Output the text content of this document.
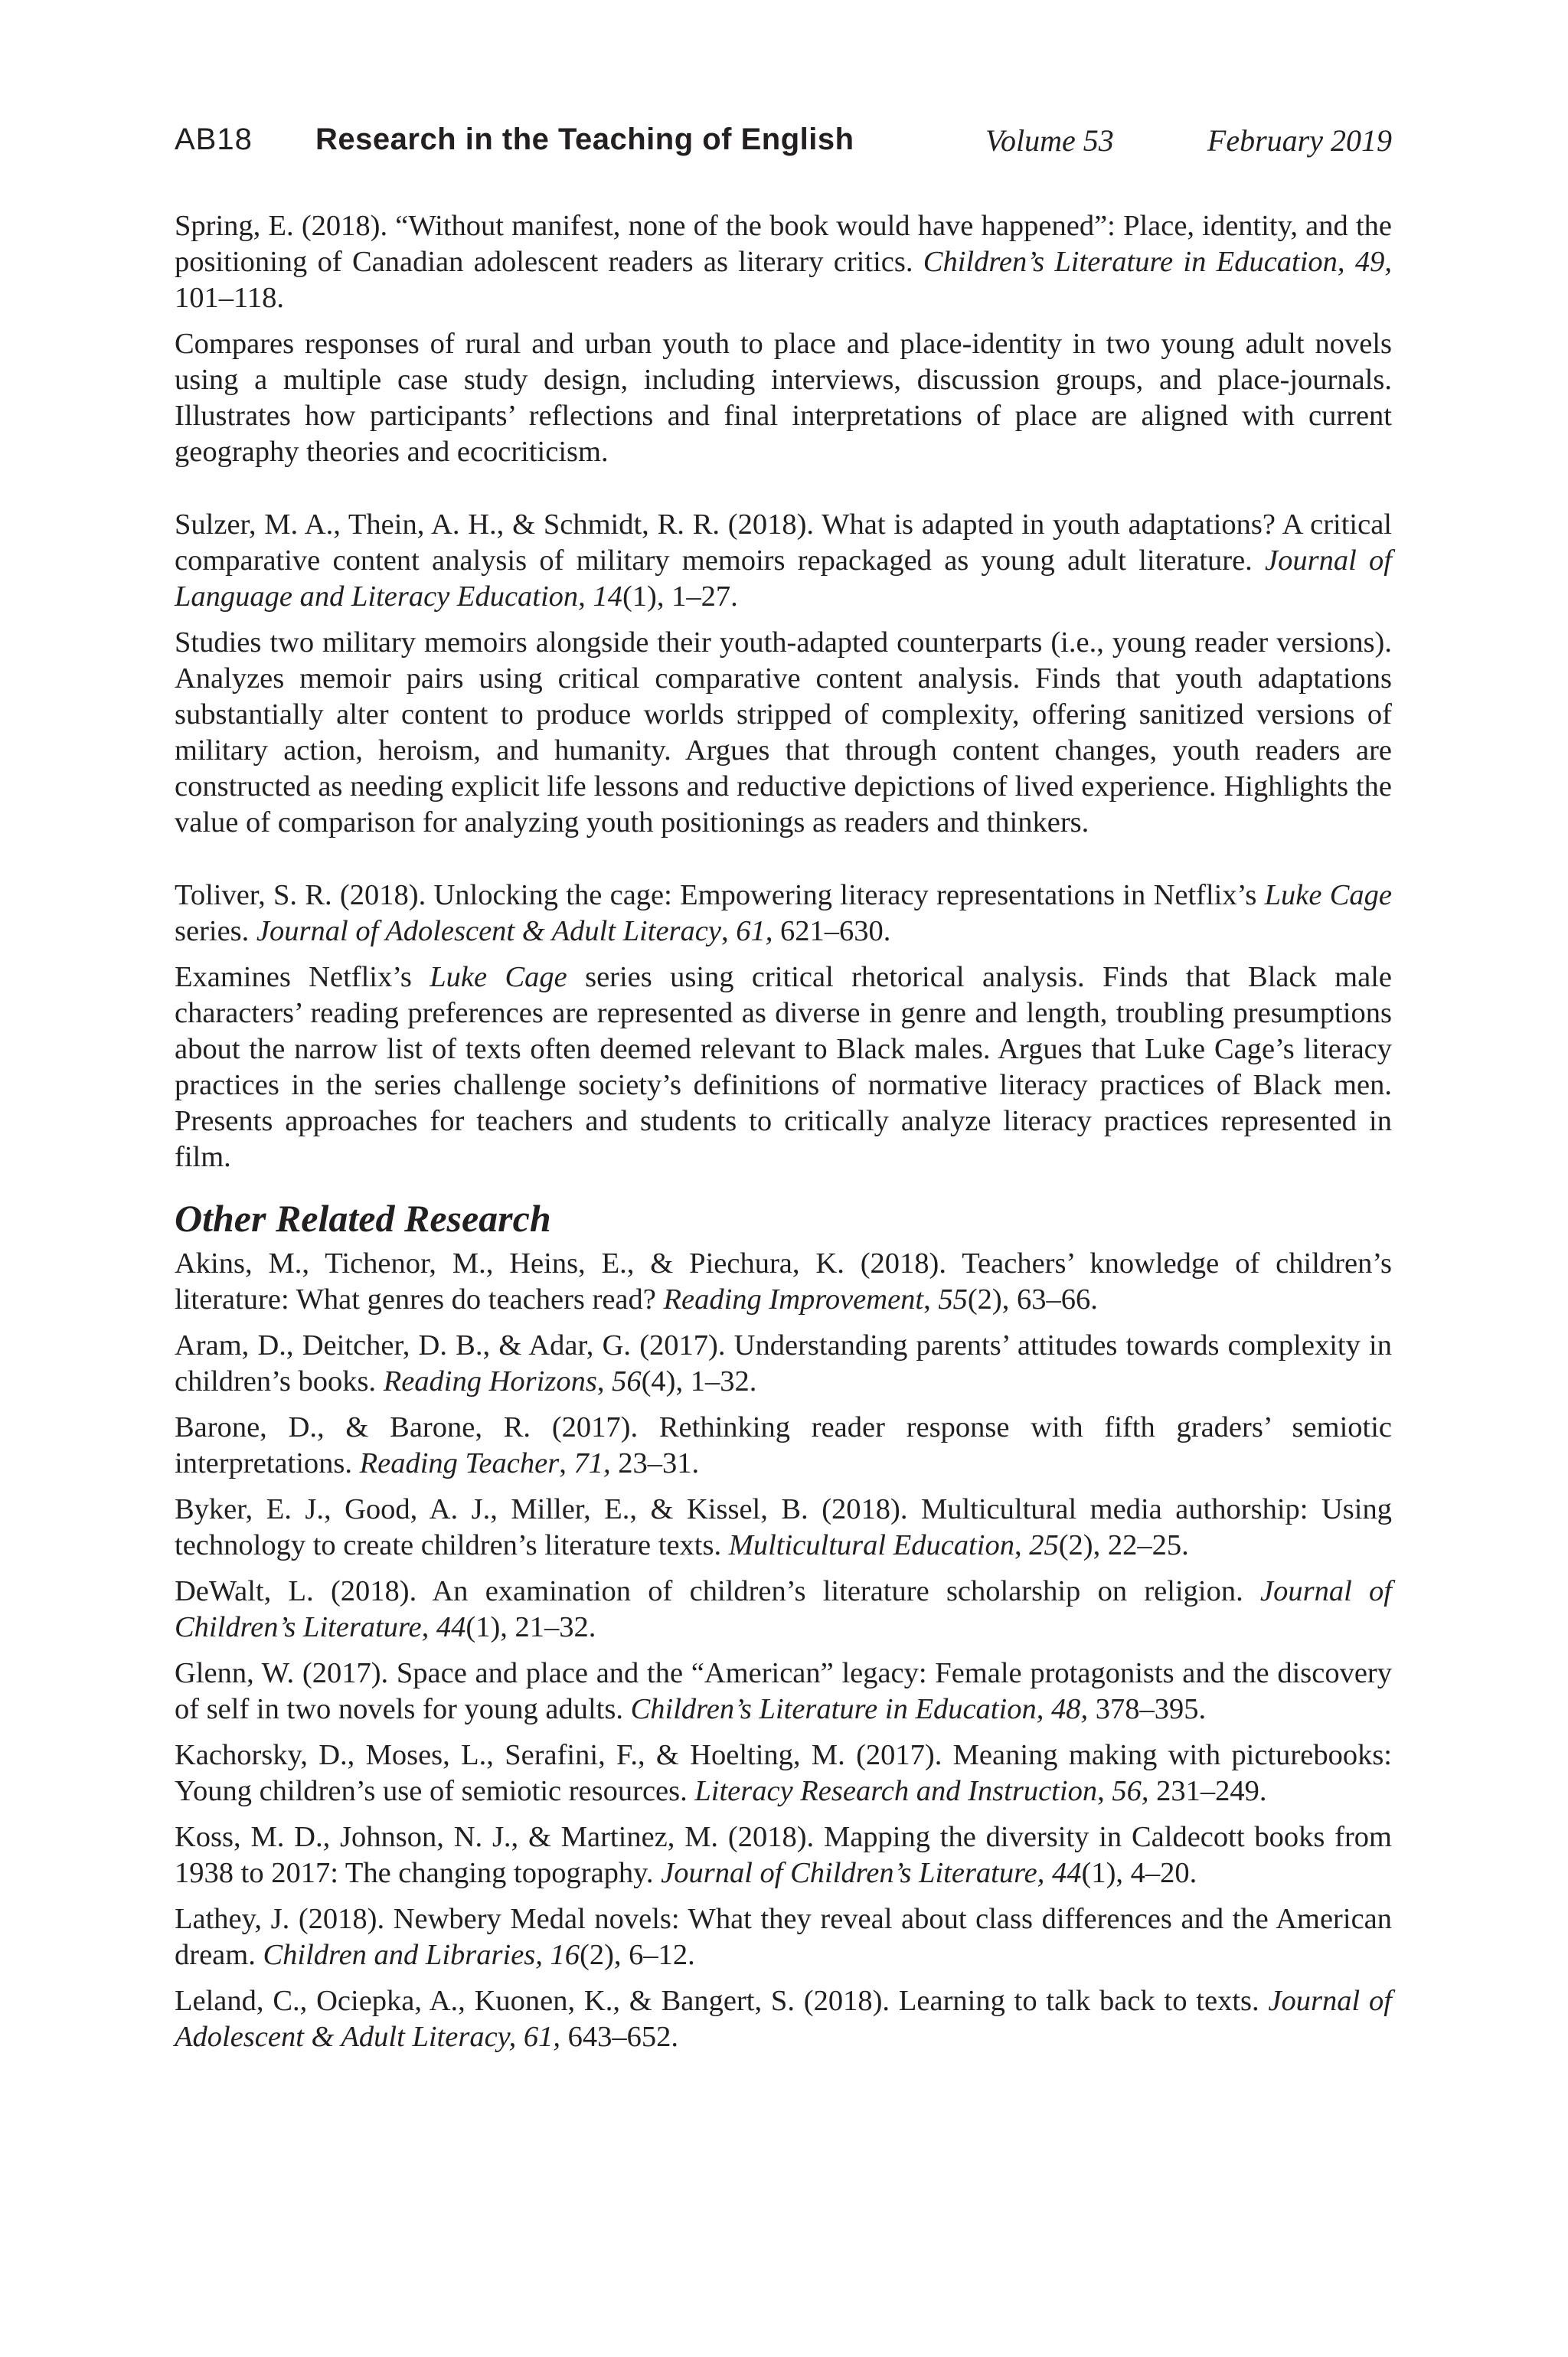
AB18 Research in the Teaching of English	Volume 53	February 2019

Spring, E. (2018). “Without manifest, none of the book would have happened”: Place, identity, and the positioning of Canadian adolescent readers as literary critics. Children’s Literature in Education, 49, 101–118.

Compares responses of rural and urban youth to place and place-identity in two young adult novels using a multiple case study design, including interviews, discussion groups, and place-journals. Illustrates how participants’ reflections and final interpretations of place are aligned with current geography theories and ecocriticism.

Sulzer, M. A., Thein, A. H., & Schmidt, R. R. (2018). What is adapted in youth adaptations? A critical comparative content analysis of military memoirs repackaged as young adult literature. Journal of Language and Literacy Education, 14(1), 1–27.

Studies two military memoirs alongside their youth-adapted counterparts (i.e., young reader versions). Analyzes memoir pairs using critical comparative content analysis. Finds that youth adaptations substantially alter content to produce worlds stripped of complexity, offering sanitized versions of military action, heroism, and humanity. Argues that through content changes, youth readers are constructed as needing explicit life lessons and reductive depictions of lived experience. Highlights the value of comparison for analyzing youth positionings as readers and thinkers.

Toliver, S. R. (2018). Unlocking the cage: Empowering literacy representations in Netflix’s Luke Cage series. Journal of Adolescent & Adult Literacy, 61, 621–630.

Examines Netflix’s Luke Cage series using critical rhetorical analysis. Finds that Black male characters’ reading preferences are represented as diverse in genre and length, troubling presumptions about the narrow list of texts often deemed relevant to Black males. Argues that Luke Cage’s literacy practices in the series challenge society’s definitions of normative literacy practices of Black men. Presents approaches for teachers and students to critically analyze literacy practices represented in film.

Other Related Research

Akins, M., Tichenor, M., Heins, E., & Piechura, K. (2018). Teachers’ knowledge of children’s literature: What genres do teachers read? Reading Improvement, 55(2), 63–66.

Aram, D., Deitcher, D. B., & Adar, G. (2017). Understanding parents’ attitudes towards complexity in children’s books. Reading Horizons, 56(4), 1–32.

Barone, D., & Barone, R. (2017). Rethinking reader response with fifth graders’ semiotic interpretations. Reading Teacher, 71, 23–31.

Byker, E. J., Good, A. J., Miller, E., & Kissel, B. (2018). Multicultural media authorship: Using technology to create children’s literature texts. Multicultural Education, 25(2), 22–25.

DeWalt, L. (2018). An examination of children’s literature scholarship on religion. Journal of Children’s Literature, 44(1), 21–32.

Glenn, W. (2017). Space and place and the “American” legacy: Female protagonists and the discovery of self in two novels for young adults. Children’s Literature in Education, 48, 378–395.

Kachorsky, D., Moses, L., Serafini, F., & Hoelting, M. (2017). Meaning making with picturebooks: Young children’s use of semiotic resources. Literacy Research and Instruction, 56, 231–249.

Koss, M. D., Johnson, N. J., & Martinez, M. (2018). Mapping the diversity in Caldecott books from 1938 to 2017: The changing topography. Journal of Children’s Literature, 44(1), 4–20.

Lathey, J. (2018). Newbery Medal novels: What they reveal about class differences and the American dream. Children and Libraries, 16(2), 6–12.

Leland, C., Ociepka, A., Kuonen, K., & Bangert, S. (2018). Learning to talk back to texts. Journal of Adolescent & Adult Literacy, 61, 643–652.
